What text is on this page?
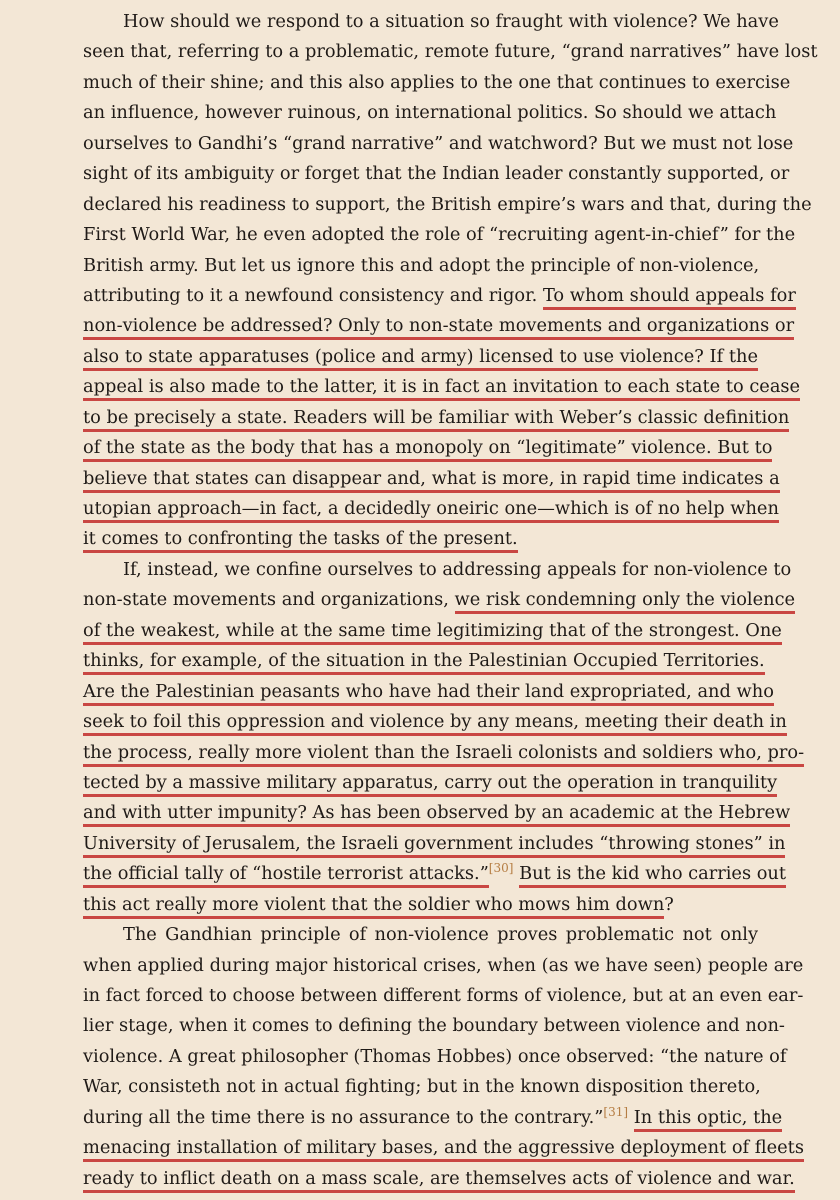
How should we respond to a situation so fraught with violence? We have
seen that, referring to a problematic, remote future, “grand narratives” have lost
much of their shine; and this also applies to the one that continues to exercise
an influence, however ruinous, on international politics. So should we attach
ourselves to Gandhi’s “grand narrative” and watchword? But we must not lose
sight of its ambiguity or forget that the Indian leader constantly supported, or
declared his readiness to support, the British empire’s wars and that, during the
First World War, he even adopted the role of “recruiting agent-in-chief” for the
British army. But let us ignore this and adopt the principle of non-violence,
attributing to it a newfound consistency and rigor. To whom should appeals for
non-violence be addressed? Only to non-state movements and organizations or
also to state apparatuses (police and army) licensed to use violence? If the
appeal is also made to the latter, it is in fact an invitation to each state to cease
to be precisely a state. Readers will be familiar with Weber’s classic definition
of the state as the body that has a monopoly on “legitimate” violence. But to
believe that states can disappear and, what is more, in rapid time indicates a
utopian approach—in fact, a decidedly oneiric one—which is of no help when
it comes to confronting the tasks of the present.
If, instead, we confine ourselves to addressing appeals for non-violence to
non-state movements and organizations, we risk condemning only the violence
of the weakest, while at the same time legitimizing that of the strongest. One
thinks, for example, of the situation in the Palestinian Occupied Territories.
Are the Palestinian peasants who have had their land expropriated, and who
seek to foil this oppression and violence by any means, meeting their death in
the process, really more violent than the Israeli colonists and soldiers who, pro-
tected by a massive military apparatus, carry out the operation in tranquility
and with utter impunity? As has been observed by an academic at the Hebrew
University of Jerusalem, the Israeli government includes “throwing stones” in
the official tally of “hostile terrorist attacks.”[30] But is the kid who carries out
this act really more violent that the soldier who mows him down?
The Gandhian principle of non-violence proves problematic not only
when applied during major historical crises, when (as we have seen) people are
in fact forced to choose between different forms of violence, but at an even ear-
lier stage, when it comes to defining the boundary between violence and non-
violence. A great philosopher (Thomas Hobbes) once observed: “the nature of
War, consisteth not in actual fighting; but in the known disposition thereto,
during all the time there is no assurance to the contrary.”[31] In this optic, the
menacing installation of military bases, and the aggressive deployment of fleets
ready to inflict death on a mass scale, are themselves acts of violence and war.
